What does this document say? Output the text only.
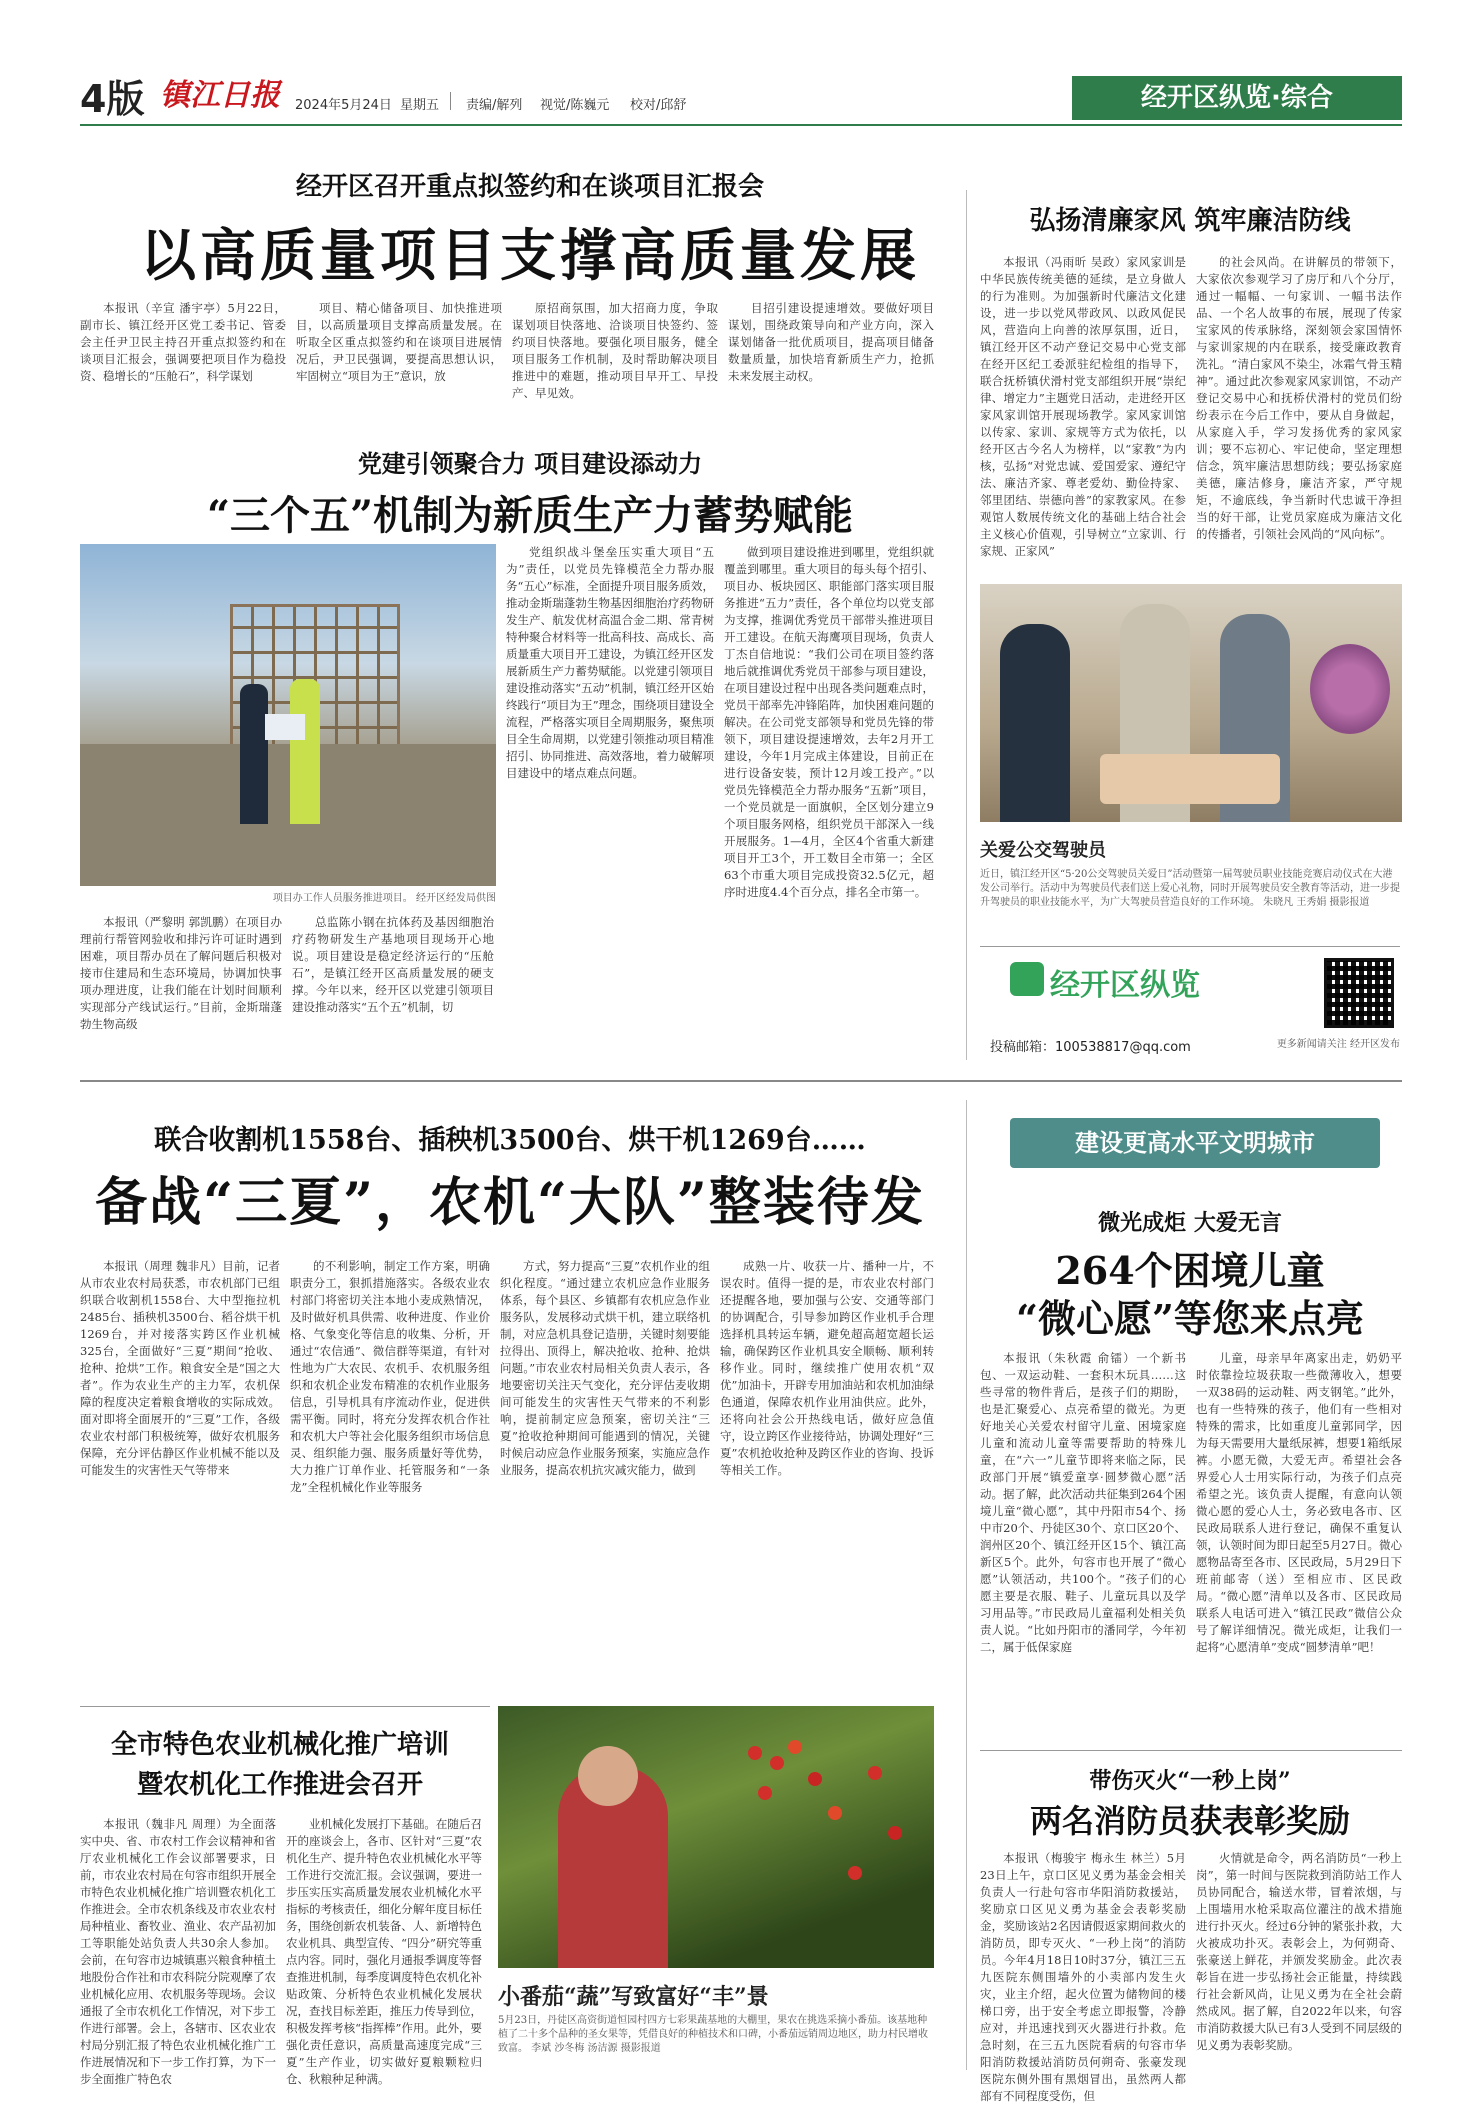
4版 镇江日报 2024年5月24日 星期五 责编/解列 视觉/陈巍元 校对/邱舒	经开区纵览·综合
经开区召开重点拟签约和在谈项目汇报会
以高质量项目支撑高质量发展

本报讯（辛宣 潘宇亭）5月22日，副市长、镇江经开区党工委书记、管委会主任尹卫民主持召开重点拟签约和在谈项目汇报会，强调要把项目作为稳投资、稳增长的“压舱石”，科学谋划

项目、精心储备项目、加快推进项目，以高质量项目支撑高质量发展。在听取全区重点拟签约和在谈项目进展情况后，尹卫民强调，要提高思想认识，牢固树立“项目为王”意识，放

原招商氛围，加大招商力度，争取谋划项目快落地、洽谈项目快签约、签约项目快落地。要强化项目服务，健全项目服务工作机制，及时帮助解决项目推进中的难题，推动项目早开工、早投产、早见效。

目招引建设提速增效。要做好项目谋划，围绕政策导向和产业方向，深入谋划储备一批优质项目，提高项目储备数量质量，加快培育新质生产力，抢抓未来发展主动权。

党建引领聚合力 项目建设添动力
“三个五”机制为新质生产力蓄势赋能
项目办工作人员服务推进项目。 经开区经发局供图

本报讯（严黎明 郭凯鹏）在项目办理前行帮管网验收和排污许可证时遇到困难，项目帮办员在了解问题后积极对接市住建局和生态环境局，协调加快事项办理进度，让我们能在计划时间顺利实现部分产线试运行。”目前，金斯瑞蓬勃生物高级

总监陈小钢在抗体药及基因细胞治疗药物研发生产基地项目现场开心地说。项目建设是稳定经济运行的“压舱石”，是镇江经开区高质量发展的硬支撑。今年以来，经开区以党建引领项目建设推动落实“五个五”机制，切

党组织战斗堡垒压实重大项目“五为”责任，以党员先锋模范全力帮办服务“五心”标准，全面提升项目服务质效，推动金斯瑞蓬勃生物基因细胞治疗药物研发生产、航发优材高温合金二期、常青树特种聚合材料等一批高科技、高成长、高质量重大项目开工建设，为镇江经开区发展新质生产力蓄势赋能。以党建引领项目建设推动落实“五动”机制，镇江经开区始终践行“项目为王”理念，围绕项目建设全流程，严格落实项目全周期服务，聚焦项目全生命周期，以党建引领推动项目精准招引、协同推进、高效落地，着力破解项目建设中的堵点难点问题。

做到项目建设推进到哪里，党组织就覆盖到哪里。重大项目的每头每个招引、项目办、板块园区、职能部门落实项目服务推进“五力”责任，各个单位均以党支部为支撑，推调优秀党员干部带头推进项目开工建设。在航天海鹰项目现场，负责人丁杰自信地说：“我们公司在项目签约落地后就推调优秀党员干部参与项目建设，在项目建设过程中出现各类问题难点时，党员干部率先冲锋陷阵，加快困难问题的解决。在公司党支部领导和党员先锋的带领下，项目建设提速增效，去年2月开工建设，今年1月完成主体建设，目前正在进行设备安装，预计12月竣工投产。”以党员先锋模范全力帮办服务“五新”项目，一个党员就是一面旗帜，全区划分建立9个项目服务网格，组织党员干部深入一线开展服务。1—4月，全区4个省重大新建项目开工3个，开工数目全市第一；全区63个市重大项目完成投资32.5亿元，超序时进度4.4个百分点，排名全市第一。

弘扬清廉家风 筑牢廉洁防线

本报讯（冯雨昕 吴政）家风家训是中华民族传统美德的延续，是立身做人的行为准则。为加强新时代廉洁文化建设，进一步以党风带政风、以政风促民风，营造向上向善的浓厚氛围，近日，镇江经开区不动产登记交易中心党支部在经开区纪工委派驻纪检组的指导下，联合抚桥镇伏滑村党支部组织开展“崇纪律、增定力”主题党日活动，走进经开区家风家训馆开展现场教学。家风家训馆以传家、家训、家规等方式为依托，以经开区古今名人为榜样，以“家教”为内核，弘扬“对党忠诚、爱国爱家、遵纪守法、廉洁齐家、尊老爱幼、勤俭持家、邻里团结、崇德向善”的家教家风。在参观馆人数展传统文化的基础上结合社会主义核心价值观，引导树立“立家训、行家规、正家风”

的社会风尚。在讲解员的带领下，大家依次参观学习了房厅和八个分厅，通过一幅幅、一句家训、一幅书法作品、一个名人故事的布展，展现了传家宝家风的传承脉络，深刻领会家国情怀与家训家规的内在联系，接受廉政教育洗礼。“清白家风不染尘，冰霜气骨玉精神”。通过此次参观家风家训馆，不动产登记交易中心和抚桥伏滑村的党员们纷纷表示在今后工作中，要从自身做起，从家庭入手，学习发扬优秀的家风家训；要不忘初心、牢记使命，坚定理想信念，筑牢廉洁思想防线；要弘扬家庭美德，廉洁修身，廉洁齐家，严守规矩，不逾底线，争当新时代忠诚干净担当的好干部，让党员家庭成为廉洁文化的传播者，引领社会风尚的“风向标”。

关爱公交驾驶员
近日，镇江经开区“5·20公交驾驶员关爱日”活动暨第一届驾驶员职业技能竞赛启动仪式在大港发公司举行。活动中为驾驶员代表们送上爱心礼物，同时开展驾驶员安全教育等活动，进一步提升驾驶员的职业技能水平，为广大驾驶员营造良好的工作环境。 朱晓凡 王秀娟 摄影报道
经开区纵览
投稿邮箱：100538817@qq.com	更多新闻请关注 经开区发布
联合收割机1558台、插秧机3500台、烘干机1269台……
备战“三夏”，农机“大队”整装待发

本报讯（周理 魏非凡）目前，记者从市农业农村局获悉，市农机部门已组织联合收割机1558台、大中型拖拉机2485台、插秧机3500台、稻谷烘干机1269台，并对接落实跨区作业机械325台，全面做好“三夏”期间“抢收、抢种、抢烘”工作。粮食安全是“国之大者”。作为农业生产的主力军，农机保障的程度决定着粮食增收的实际成效。面对即将全面展开的“三夏”工作，各级农业农村部门积极统筹，做好农机服务保障，充分评估静区作业机械不能以及可能发生的灾害性天气等带来

的不利影响，制定工作方案，明确职责分工，狠抓措施落实。各级农业农村部门将密切关注本地小麦成熟情况，及时做好机具供需、收种进度、作业价格、气象变化等信息的收集、分析，开通过“农信通”、微信群等渠道，有针对性地为广大农民、农机手、农机服务组织和农机企业发布精准的农机作业服务信息，引导机具有序流动作业，促进供需平衡。同时，将充分发挥农机合作社和农机大户等社会化服务组织市场信息灵、组织能力强、服务质量好等优势，大力推广订单作业、托管服务和“一条龙”全程机械化作业等服务

方式，努力提高“三夏”农机作业的组织化程度。“通过建立农机应急作业服务体系，每个县区、乡镇都有农机应急作业服务队，发展移动式烘干机，建立联络机制，对应急机具登记造册，关键时刻要能拉得出、顶得上，解决抢收、抢种、抢烘问题。”市农业农村局相关负责人表示，各地要密切关注天气变化，充分评估麦收期间可能发生的灾害性天气带来的不利影响，提前制定应急预案，密切关注“三夏”抢收抢种期间可能遇到的情况，关键时候启动应急作业服务预案，实施应急作业服务，提高农机抗灾减灾能力，做到

成熟一片、收获一片、播种一片，不误农时。值得一提的是，市农业农村部门还提醒各地，要加强与公安、交通等部门的协调配合，引导参加跨区作业机手合理选择机具转运车辆，避免超高超宽超长运输，确保跨区作业机具安全顺畅、顺利转移作业。同时，继续推广使用农机“双优”加油卡，开辟专用加油站和农机加油绿色通道，保障农机作业用油供应。此外，还将向社会公开热线电话，做好应急值守，设立跨区作业接待站，协调处理好“三夏”农机抢收抢种及跨区作业的咨询、投诉等相关工作。

全市特色农业机械化推广培训
暨农机化工作推进会召开

本报讯（魏非凡 周理）为全面落实中央、省、市农村工作会议精神和省厅农业机械化工作会议部署要求，日前，市农业农村局在句容市组织开展全市特色农业机械化推广培训暨农机化工作推进会。全市农机条线及市农业农村局种植业、畜牧业、渔业、农产品初加工等职能处站负责人共30余人参加。会前，在句容市边城镇惠兴粮食种植土地股份合作社和市农科院分院观摩了农业机械化应用、农机服务等现场。会议通报了全市农机化工作情况，对下步工作进行部署。会上，各辖市、区农业农村局分别汇报了特色农业机械化推广工作进展情况和下一步工作打算，为下一步全面推广特色农

业机械化发展打下基础。在随后召开的座谈会上，各市、区针对“三夏”农机化生产、提升特色农业机械化水平等工作进行交流汇报。会议强调，要进一步压实压实高质量发展农业机械化水平指标的考核责任，细化分解年度目标任务，围绕创新农机装备、人、新增特色农业机具、典型宣传、“四分”研究等重点内容。同时，强化月通报季调度等督查推进机制，每季度调度特色农机化补贴政策、分析特色农业机械化发展状况，查找目标差距，推压力传导到位，积极发挥考核“指挥棒”作用。此外，要强化责任意识，高质量高速度完成“三夏”生产作业，切实做好夏粮颗粒归仓、秋粮种足种满。

小番茄“蔬”写致富好“丰”景
5月23日，丹徒区高资街道恒园村四方七彩果蔬基地的大棚里，果农在挑选采摘小番茄。该基地种植了二十多个品种的圣女果等，凭借良好的种植技术和口碑，小番茄远销周边地区，助力村民增收致富。 李斌 沙冬梅 汤洁源 摄影报道
建设更高水平文明城市
微光成炬 大爱无言
264个困境儿童
“微心愿”等您来点亮

本报讯（朱秋霞 俞镭）一个新书包、一双运动鞋、一套积木玩具……这些寻常的物件背后，是孩子们的期盼，也是汇聚爱心、点亮希望的微光。为更好地关心关爱农村留守儿童、困境家庭儿童和流动儿童等需要帮助的特殊儿童，在“六一”儿童节即将来临之际，民政部门开展“镇爱童享·圆梦微心愿”活动。据了解，此次活动共征集到264个困境儿童“微心愿”，其中丹阳市54个、扬中市20个、丹徒区30个、京口区20个、润州区20个、镇江经开区15个、镇江高新区5个。此外，句容市也开展了“微心愿”认领活动，共100个。“孩子们的心愿主要是衣服、鞋子、儿童玩具以及学习用品等。”市民政局儿童福利处相关负责人说。“比如丹阳市的潘同学，今年初二，属于低保家庭

儿童，母亲早年离家出走，奶奶平时依靠捡垃圾获取一些微薄收入，想要一双38码的运动鞋、两支钢笔。”此外，也有一些特殊的孩子，他们有一些相对特殊的需求，比如重度儿童郭同学，因为每天需要用大量纸尿裤，想要1箱纸尿裤。小愿无微，大爱无声。希望社会各界爱心人士用实际行动，为孩子们点亮希望之光。该负责人提醒，有意向认领微心愿的爱心人士，务必致电各市、区民政局联系人进行登记，确保不重复认领，认领时间为即日起至5月27日。微心愿物品寄至各市、区民政局，5月29日下班前邮寄（送）至相应市、区民政局。“微心愿”清单以及各市、区民政局联系人电话可进入“镇江民政”微信公众号了解详细情况。微光成炬，让我们一起将“心愿清单”变成“圆梦清单”吧！

带伤灭火“一秒上岗”
两名消防员获表彰奖励

本报讯（梅骏宇 梅永生 林兰）5月23日上午，京口区见义勇为基金会相关负责人一行赴句容市华阳消防救援站，奖励京口区见义勇为基金会表彰奖励金，奖励该站2名因请假返家期间救火的消防员，即专灭火、“一秒上岗”的消防员。今年4月18日10时37分，镇江三五九医院东侧围墙外的小卖部内发生火灾，业主介绍，起火位置为储物间的楼梯口旁，出于安全考虑立即报警，冷静应对，并迅速找到灭火器进行扑救。危急时刻，在三五九医院看病的句容市华阳消防救援站消防员何朔奇、张豪发现医院东侧外围有黑烟冒出，虽然两人都部有不同程度受伤，但

火情就是命令，两名消防员“一秒上岗”，第一时间与医院救到消防站工作人员协同配合，输送水带，冒着浓烟，与上围墙用水枪采取高位灌注的战术措施进行扑灭火。经过6分钟的紧张扑救，大火被成功扑灭。表彰会上，为何朔奇、张豪送上鲜花，并颁发奖励金。此次表彰旨在进一步弘扬社会正能量，持续践行社会新风尚，让见义勇为在全社会蔚然成风。据了解，自2022年以来，句容市消防救援大队已有3人受到不同层级的见义勇为表彰奖励。
